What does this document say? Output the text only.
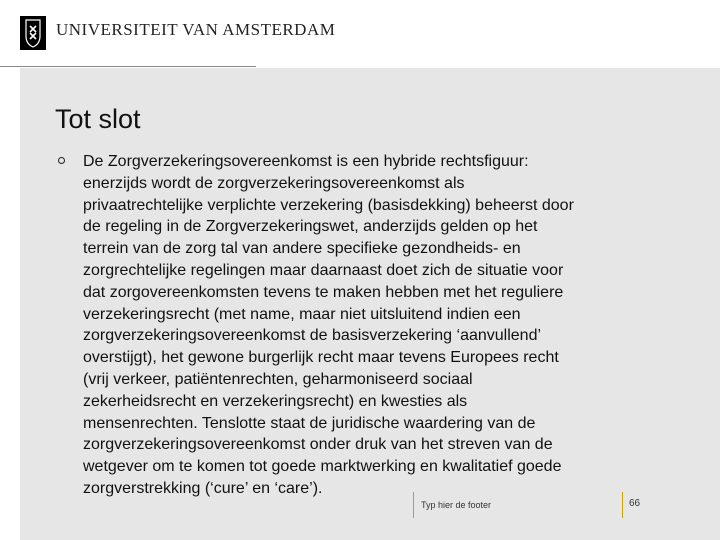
UNIVERSITEIT VAN AMSTERDAM
Tot slot
De Zorgverzekeringsovereenkomst is een hybride rechtsfiguur:
enerzijds wordt de zorgverzekeringsovereenkomst als
privaatrechtelijke verplichte verzekering (basisdekking) beheerst door
de regeling in de Zorgverzekeringswet, anderzijds gelden op het
terrein van de zorg tal van andere specifieke gezondheids- en
zorgrechtelijke regelingen maar daarnaast doet zich de situatie voor
dat zorgovereenkomsten tevens te maken hebben met het reguliere
verzekeringsrecht (met name, maar niet uitsluitend indien een
zorgverzekeringsovereenkomst de basisverzekering ‘aanvullend’
overstijgt), het gewone burgerlijk recht maar tevens Europees recht
(vrij verkeer, patiëntenrechten, geharmoniseerd sociaal
zekerheidsrecht en verzekeringsrecht) en kwesties als
mensenrechten. Tenslotte staat de juridische waardering van de
zorgverzekeringsovereenkomst onder druk van het streven van de
wetgever om te komen tot goede marktwerking en kwalitatief goede
zorgverstrekking (‘cure’ en ‘care’).
Typ hier de footer	66
